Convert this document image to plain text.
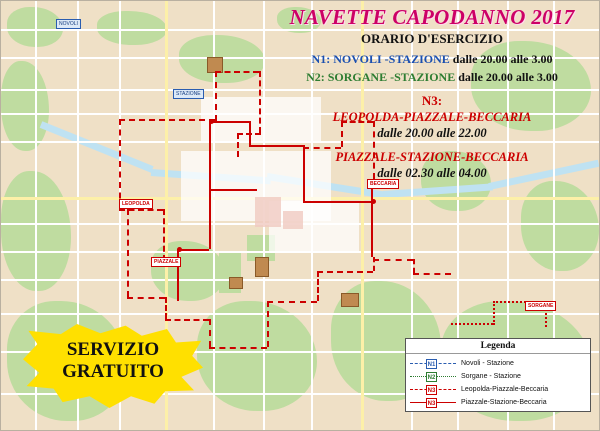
SORGANE
NOVOLI
STAZIONE
LEOPOLDA
BECCARIA
PIAZZALE
NAVETTE CAPODANNO 2017
ORARIO D'ESERCIZIO
N1: NOVOLI -STAZIONE dalle 20.00 alle 3.00
N2: SORGANE -STAZIONE dalle 20.00 alle 3.00
N3:
LEOPOLDA-PIAZZALE-BECCARIA
dalle 20.00 alle 22.00
PIAZZALE-STAZIONE-BECCARIA
dalle 02.30 alle 04.00
Legenda
N1	Novoli - Stazione
N2	Sorgane - Stazione
N3	Leopolda-Piazzale-Beccaria
N3	Piazzale-Stazione-Beccaria
SERVIZIO
GRATUITO
